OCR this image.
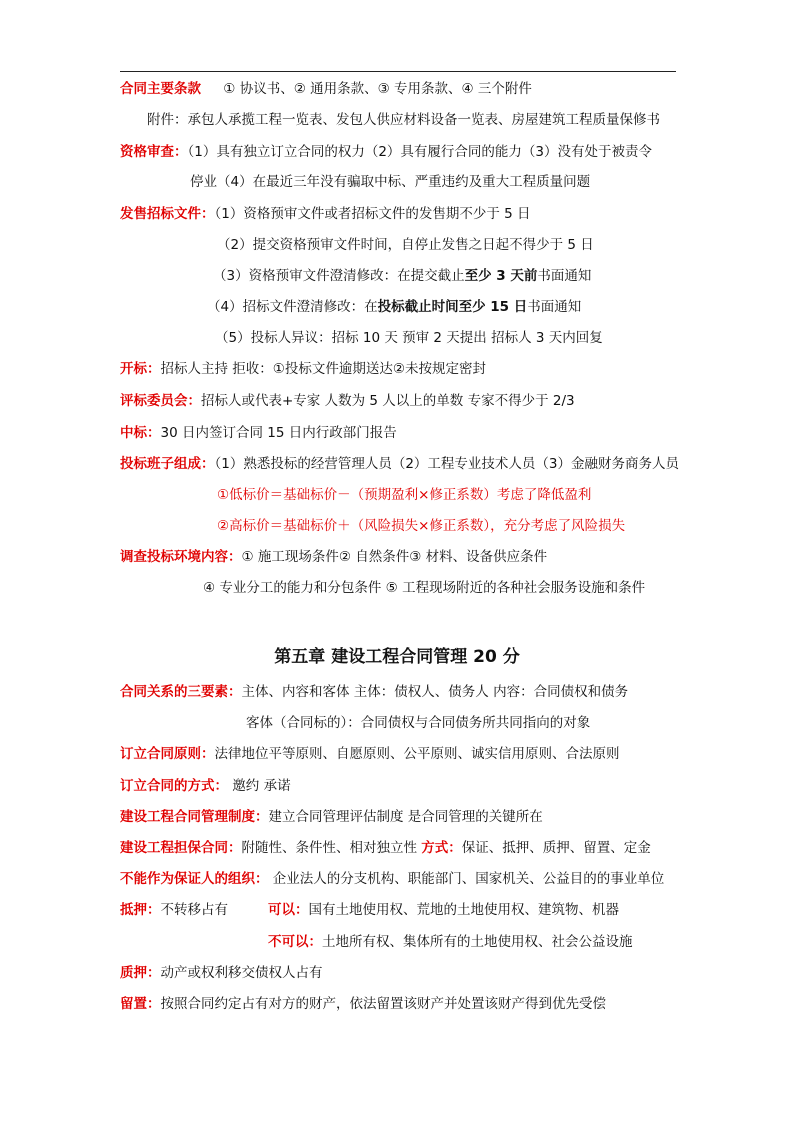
合同主要条款 ① 协议书、② 通用条款、③ 专用条款、④ 三个附件
附件：承包人承揽工程一览表、发包人供应材料设备一览表、房屋建筑工程质量保修书
资格审查：（1）具有独立订立合同的权力（2）具有履行合同的能力（3）没有处于被责令
停业（4）在最近三年没有骗取中标、严重违约及重大工程质量问题
发售招标文件：（1）资格预审文件或者招标文件的发售期不少于 5 日
（2）提交资格预审文件时间，自停止发售之日起不得少于 5 日
（3）资格预审文件澄清修改：在提交截止至少 3 天前书面通知
（4）招标文件澄清修改：在投标截止时间至少 15 日书面通知
（5）投标人异议：招标 10 天 预审 2 天提出 招标人 3 天内回复
开标：招标人主持 拒收：①投标文件逾期送达②未按规定密封
评标委员会：招标人或代表+专家 人数为 5 人以上的单数 专家不得少于 2/3
中标：30 日内签订合同 15 日内行政部门报告
投标班子组成：（1）熟悉投标的经营管理人员（2）工程专业技术人员（3）金融财务商务人员
①低标价＝基础标价－（预期盈利×修正系数）考虑了降低盈利
②高标价＝基础标价＋（风险损失×修正系数），充分考虑了风险损失
调查投标环境内容：① 施工现场条件② 自然条件③ 材料、设备供应条件
④ 专业分工的能力和分包条件 ⑤ 工程现场附近的各种社会服务设施和条件
第五章 建设工程合同管理 20 分
合同关系的三要素：主体、内容和客体 主体：债权人、债务人 内容：合同债权和债务
客体（合同标的）：合同债权与合同债务所共同指向的对象
订立合同原则：法律地位平等原则、自愿原则、公平原则、诚实信用原则、合法原则
订立合同的方式： 邀约 承诺
建设工程合同管理制度：建立合同管理评估制度 是合同管理的关键所在
建设工程担保合同：附随性、条件性、相对独立性 方式：保证、抵押、质押、留置、定金
不能作为保证人的组织： 企业法人的分支机构、职能部门、国家机关、公益目的的事业单位
抵押：不转移占有	可以：国有土地使用权、荒地的土地使用权、建筑物、机器
不可以：土地所有权、集体所有的土地使用权、社会公益设施
质押：动产或权利移交债权人占有
留置：按照合同约定占有对方的财产，依法留置该财产并处置该财产得到优先受偿
